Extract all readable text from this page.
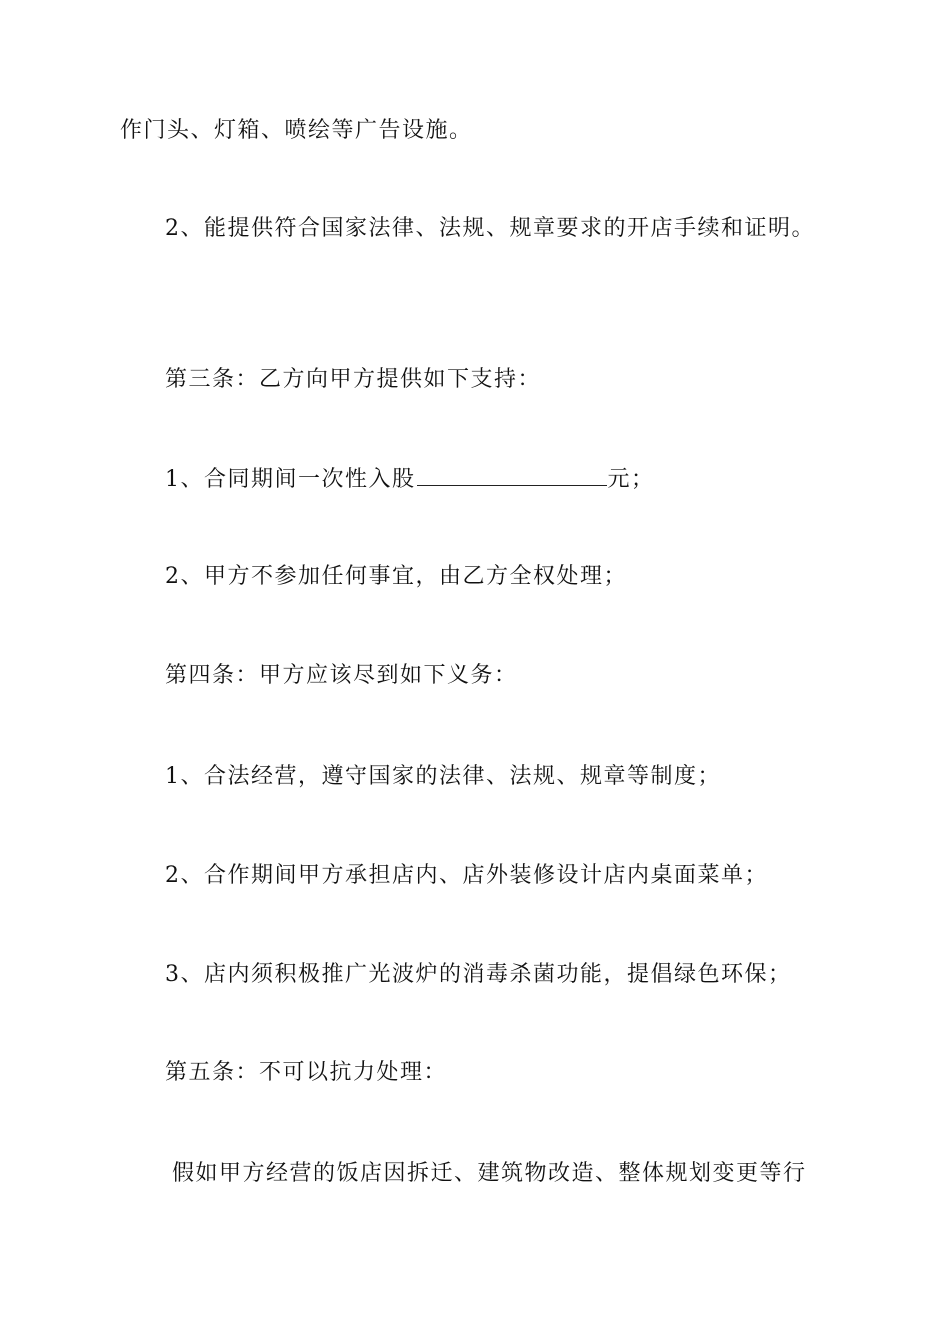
作门头、灯箱、喷绘等广告设施。
2、能提供符合国家法律、法规、规章要求的开店手续和证明。
第三条：乙方向甲方提供如下支持：
1、合同期间一次性入股	元；
2、甲方不参加任何事宜，由乙方全权处理；
第四条：甲方应该尽到如下义务：
1、合法经营，遵守国家的法律、法规、规章等制度；
2、合作期间甲方承担店内、店外装修设计店内桌面菜单；
3、店内须积极推广光波炉的消毒杀菌功能，提倡绿色环保；
第五条：不可以抗力处理：
假如甲方经营的饭店因拆迁、建筑物改造、整体规划变更等行
